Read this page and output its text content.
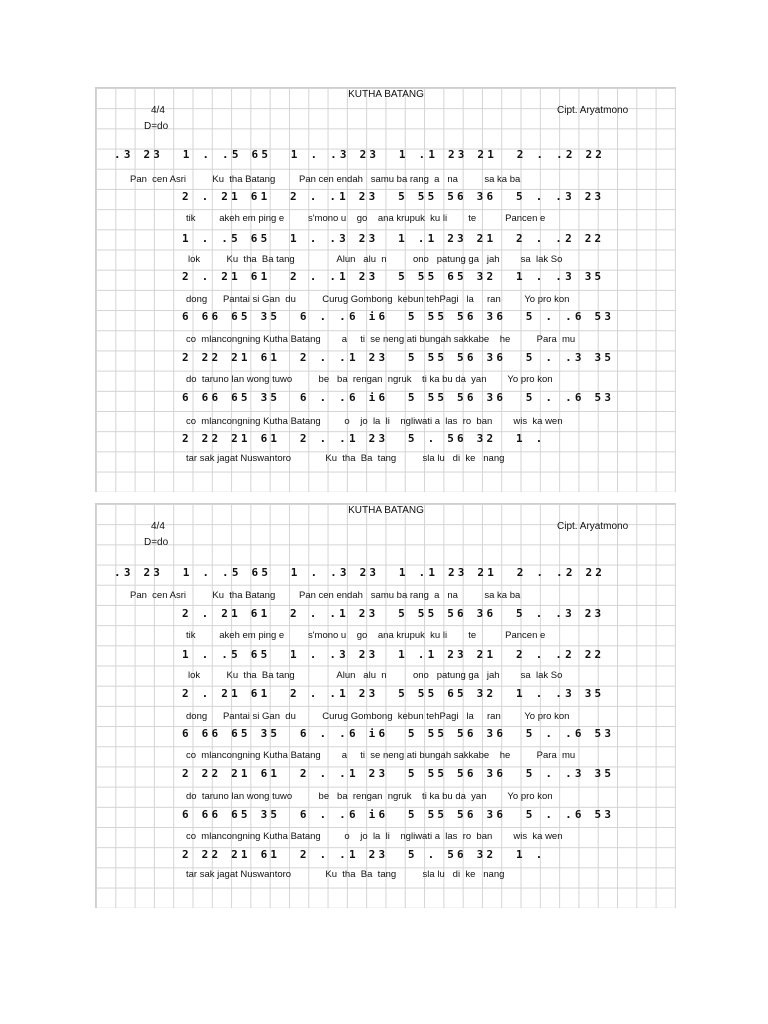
KUTHA BATANG
4/4
D=do
Cipt. Aryatmono
.3 23  1 . .5 65  1 . .3 23  1 .1 23 21  2 . .2 22
Pan  cen Asri          Ku  tha Batang         Pan cen endah   samu ba rang  a   na          sa ka ba
2 . 21 61  2 . .1 23  5 55 56 36  5 . .3 23
tik         akeh em ping e         s'mono u    go    ana krupuk  ku li        te           Pancen e
1 . .5 65  1 . .3 23  1 .1 23 21  2 . .2 22
lok          Ku  tha  Ba tang                Alun   alu  n          ono   patung ga   jah        sa  lak So
2 . 21 61  2 . .1 23  5 55 65 32  1 . .3 35
dong      Pantai si Gan  du          Curug Gombong  kebun tehPagi   la     ran         Yo pro kon
6 66 65 35  6 . .6 i6  5 55 56 36  5 . .6 53
co  mlancongning Kutha Batang        a     ti  se neng ati bungah sakkabe    he          Para  mu
2 22 21 61  2 . .1 23  5 55 56 36  5 . .3 35
do  taruno lan wong tuwo          be   ba  rengan  ngruk    ti ka bu da  yan        Yo pro kon
6 66 65 35  6 . .6 i6  5 55 56 36  5 . .6 53
co  mlancongning Kutha Batang         o    jo  la  li    ngliwati a  las  ro  ban        wis  ka wen
2 22 21 61  2 . .1 23  5 . 56 32  1 .
tar sak jagat Nuswantoro             Ku  tha  Ba  tang          sla lu   di  ke   nang
KUTHA BATANG
4/4
D=do
Cipt. Aryatmono
.3 23  1 . .5 65  1 . .3 23  1 .1 23 21  2 . .2 22
Pan  cen Asri          Ku  tha Batang         Pan cen endah   samu ba rang  a   na          sa ka ba
2 . 21 61  2 . .1 23  5 55 56 36  5 . .3 23
tik         akeh em ping e         s'mono u    go    ana krupuk  ku li        te           Pancen e
1 . .5 65  1 . .3 23  1 .1 23 21  2 . .2 22
lok          Ku  tha  Ba tang                Alun   alu  n          ono   patung ga   jah        sa  lak So
2 . 21 61  2 . .1 23  5 55 65 32  1 . .3 35
dong      Pantai si Gan  du          Curug Gombong  kebun tehPagi   la     ran         Yo pro kon
6 66 65 35  6 . .6 i6  5 55 56 36  5 . .6 53
co  mlancongning Kutha Batang        a     ti  se neng ati bungah sakkabe    he          Para  mu
2 22 21 61  2 . .1 23  5 55 56 36  5 . .3 35
do  taruno lan wong tuwo          be   ba  rengan  ngruk    ti ka bu da  yan        Yo pro kon
6 66 65 35  6 . .6 i6  5 55 56 36  5 . .6 53
co  mlancongning Kutha Batang         o    jo  la  li    ngliwati a  las  ro  ban        wis  ka wen
2 22 21 61  2 . .1 23  5 . 56 32  1 .
tar sak jagat Nuswantoro             Ku  tha  Ba  tang          sla lu   di  ke   nang
